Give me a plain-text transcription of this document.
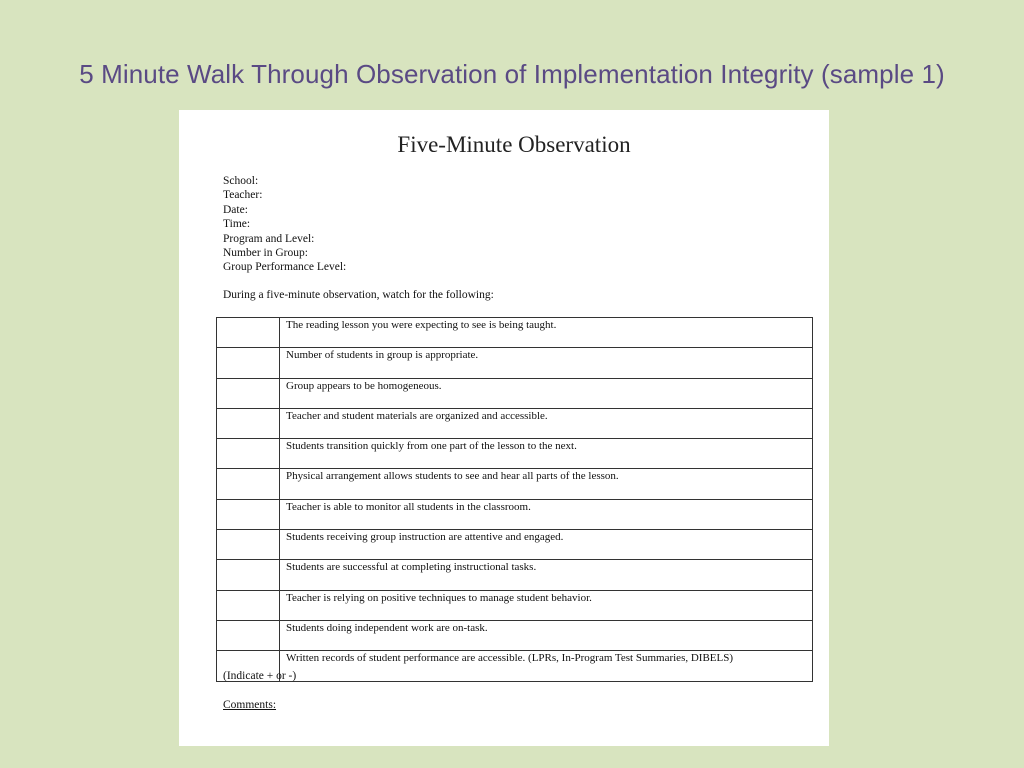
5 Minute Walk Through Observation of Implementation Integrity (sample 1)
Five-Minute Observation
School:
Teacher:
Date:
Time:
Program and Level:
Number in Group:
Group Performance Level:
During a five-minute observation, watch for the following:
	The reading lesson you were expecting to see is being taught.
	Number of students in group is appropriate.
	Group appears to be homogeneous.
	Teacher and student materials are organized and accessible.
	Students transition quickly from one part of the lesson to the next.
	Physical arrangement allows students to see and hear all parts of the lesson.
	Teacher is able to monitor all students in the classroom.
	Students receiving group instruction are attentive and engaged.
	Students are successful at completing instructional tasks.
	Teacher is relying on positive techniques to manage student behavior.
	Students doing independent work are on-task.
	Written records of student performance are accessible. (LPRs, In-Program Test Summaries, DIBELS)
(Indicate + or -)
Comments:
